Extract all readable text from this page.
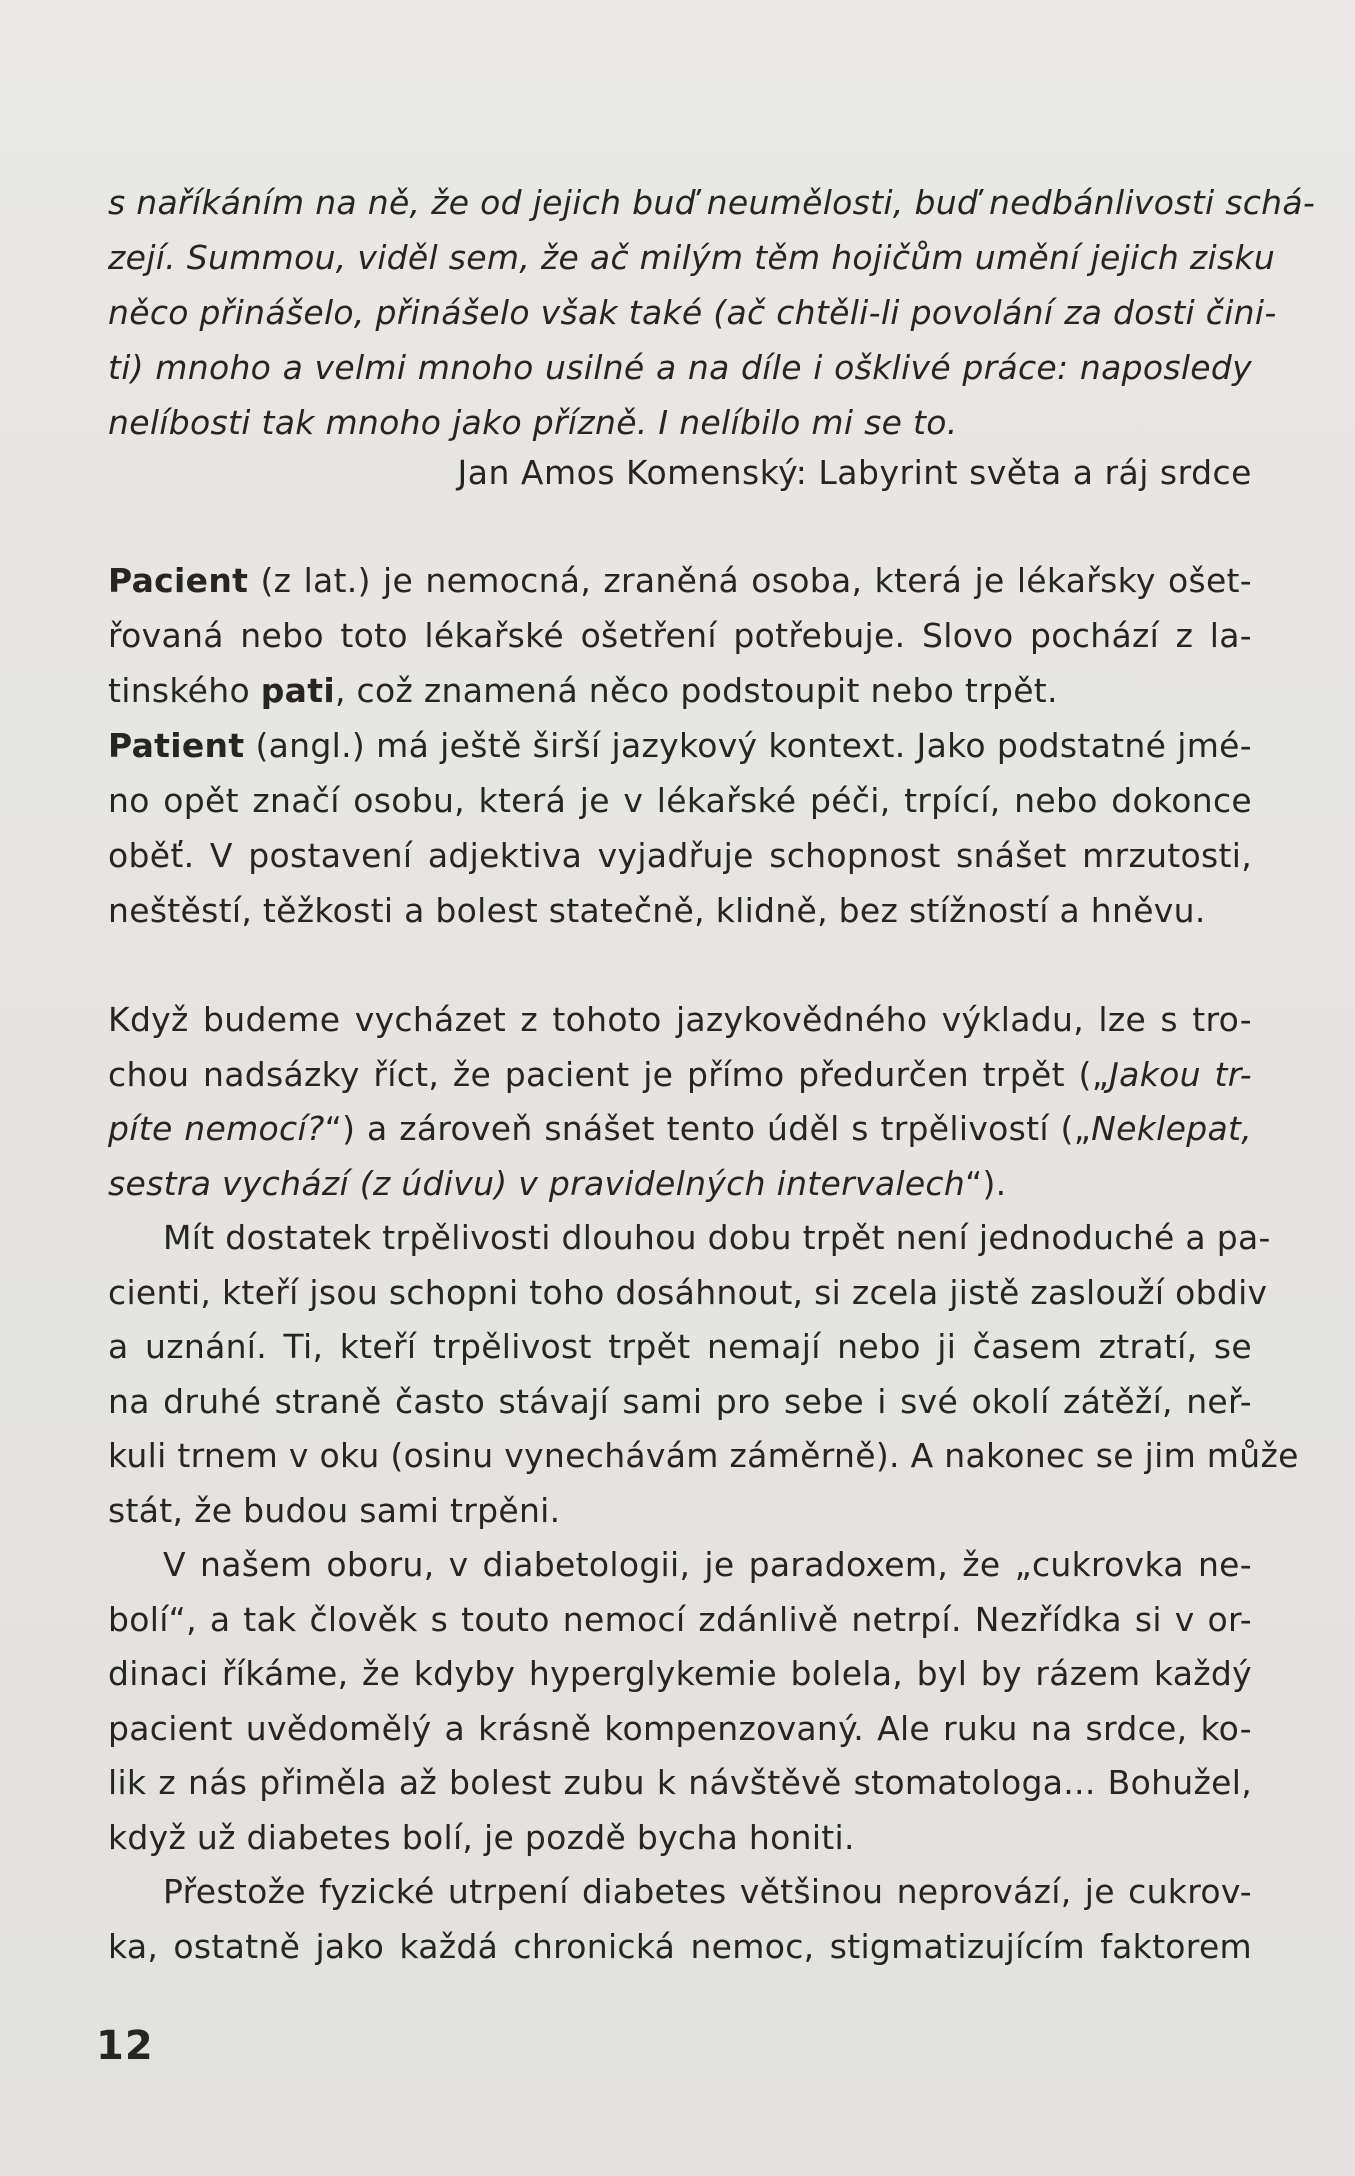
s naříkáním na ně, že od jejich buď neumělosti, buď nedbánlivosti schá-
zejí. Summou, viděl sem, že ač milým těm hojičům umění jejich zisku
něco přinášelo, přinášelo však také (ač chtěli-li povolání za dosti čini-
ti) mnoho a velmi mnoho usilné a na díle i ošklivé práce: naposledy
nelíbosti tak mnoho jako přízně. I nelíbilo mi se to.
Jan Amos Komenský: Labyrint světa a ráj srdce
Pacient (z lat.) je nemocná, zraněná osoba, která je lékařsky ošet-
řovaná nebo toto lékařské ošetření potřebuje. Slovo pochází z la-
tinského pati, což znamená něco podstoupit nebo trpět.
Patient (angl.) má ještě širší jazykový kontext. Jako podstatné jmé-
no opět značí osobu, která je v lékařské péči, trpící, nebo dokonce
oběť. V postavení adjektiva vyjadřuje schopnost snášet mrzutosti,
neštěstí, těžkosti a bolest statečně, klidně, bez stížností a hněvu.
Když budeme vycházet z tohoto jazykovědného výkladu, lze s tro-
chou nadsázky říct, že pacient je přímo předurčen trpět („Jakou tr-
píte nemocí?“) a zároveň snášet tento úděl s trpělivostí („Neklepat,
sestra vychází (z údivu) v pravidelných intervalech“).
Mít dostatek trpělivosti dlouhou dobu trpět není jednoduché a pa-
cienti, kteří jsou schopni toho dosáhnout, si zcela jistě zaslouží obdiv
a uznání. Ti, kteří trpělivost trpět nemají nebo ji časem ztratí, se
na druhé straně často stávají sami pro sebe i své okolí zátěží, neř-
kuli trnem v oku (osinu vynechávám záměrně). A nakonec se jim může
stát, že budou sami trpěni.
V našem oboru, v diabetologii, je paradoxem, že „cukrovka ne-
bolí“, a tak člověk s touto nemocí zdánlivě netrpí. Nezřídka si v or-
dinaci říkáme, že kdyby hyperglykemie bolela, byl by rázem každý
pacient uvědomělý a krásně kompenzovaný. Ale ruku na srdce, ko-
lik z nás přiměla až bolest zubu k návštěvě stomatologa... Bohužel,
když už diabetes bolí, je pozdě bycha honiti.
Přestože fyzické utrpení diabetes většinou neprovází, je cukrov-
ka, ostatně jako každá chronická nemoc, stigmatizujícím faktorem
12
